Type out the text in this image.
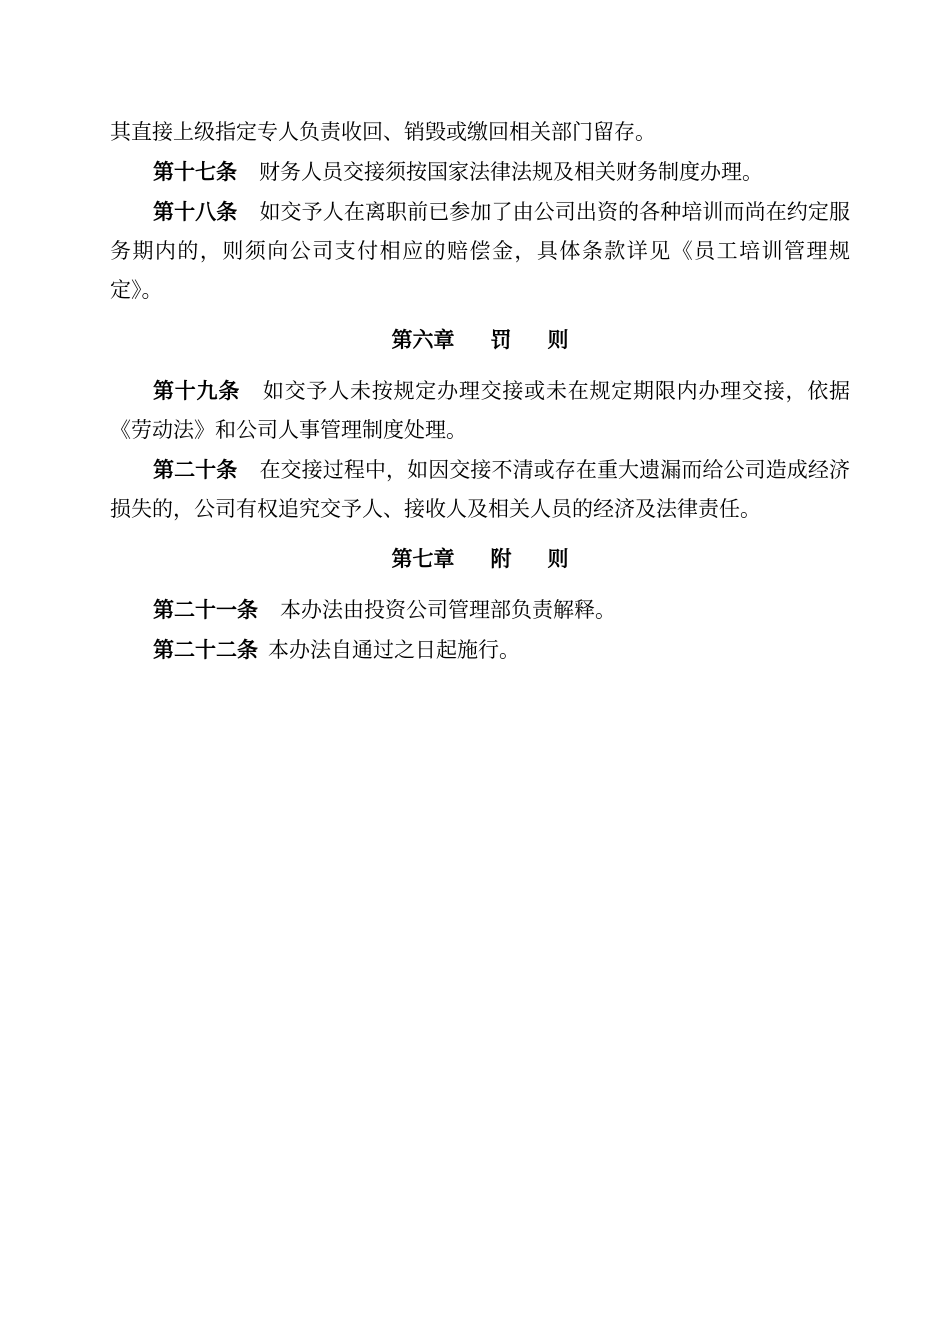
其直接上级指定专人负责收回、销毁或缴回相关部门留存。

第十七条 财务人员交接须按国家法律法规及相关财务制度办理。

第十八条 如交予人在离职前已参加了由公司出资的各种培训而尚在约定服务期内的，则须向公司支付相应的赔偿金，具体条款详见《员工培训管理规定》。

第六章 罚 则

第十九条 如交予人未按规定办理交接或未在规定期限内办理交接，依据《劳动法》和公司人事管理制度处理。

第二十条 在交接过程中，如因交接不清或存在重大遗漏而给公司造成经济损失的，公司有权追究交予人、接收人及相关人员的经济及法律责任。

第七章 附 则

第二十一条 本办法由投资公司管理部负责解释。

第二十二条 本办法自通过之日起施行。
